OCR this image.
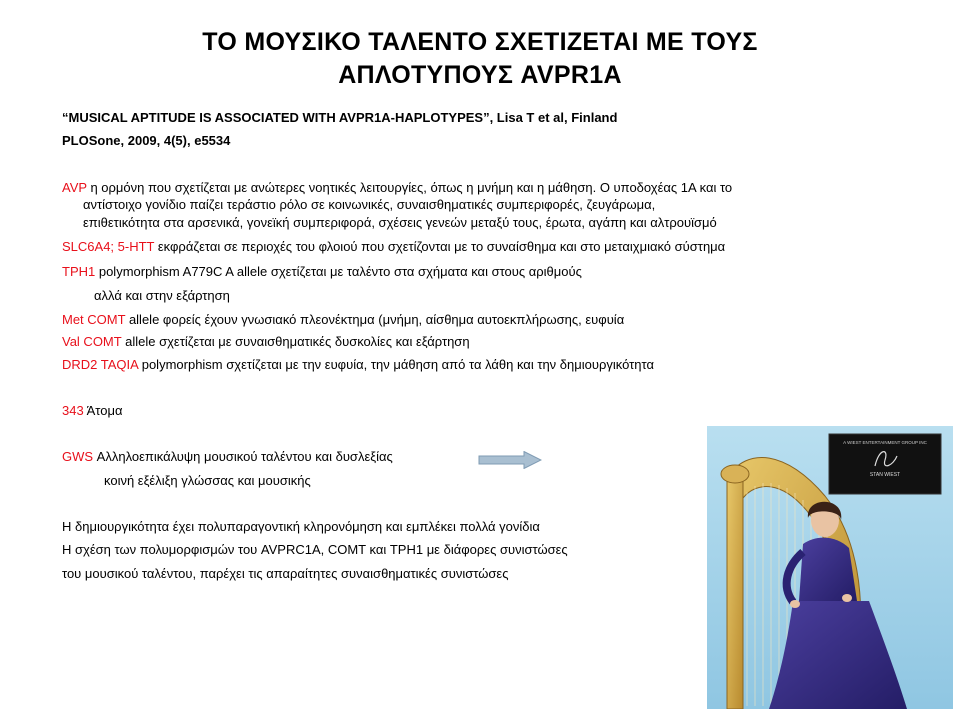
ΤΟ ΜΟΥΣΙΚΟ ΤΑΛΕΝΤΟ ΣΧΕΤΙΖΕΤΑΙ ΜΕ ΤΟΥΣ
ΑΠΛΟΤΥΠΟΥΣ AVPR1A
“MUSICAL APTITUDE IS ASSOCIATED WITH AVPR1A-HAPLOTYPES”, Lisa T et al, Finland
PLOSone, 2009, 4(5), e5534
AVP η ορμόνη που σχετίζεται με ανώτερες νοητικές λειτουργίες, όπως η μνήμη και η μάθηση. Ο υποδοχέας 1Α και το
αντίστοιχο γονίδιο παίζει τεράστιο ρόλο σε κοινωνικές, συναισθηματικές συμπεριφορές, ζευγάρωμα,
επιθετικότητα στα αρσενικά, γονεϊκή συμπεριφορά, σχέσεις γενεών μεταξύ τους, έρωτα, αγάπη και αλτρουϊσμό
SLC6A4; 5-HTT εκφράζεται σε περιοχές του φλοιού που σχετίζονται με το συναίσθημα και στο μεταιχμιακό σύστημα
TPH1 polymorphism A779C A allele σχετίζεται με ταλέντο στα σχήματα και στους αριθμούς
αλλά και στην εξάρτηση
Met COMT allele φορείς έχουν γνωσιακό πλεονέκτημα (μνήμη, αίσθημα αυτοεκπλήρωσης, ευφυία
Val COMT allele σχετίζεται με συναισθηματικές δυσκολίες και εξάρτηση
DRD2 TAQIA polymorphism σχετίζεται με την ευφυία, την μάθηση από τα λάθη και την δημιουργικότητα
343 Άτομα
GWS Αλληλοεπικάλυψη μουσικού ταλέντου και δυσλεξίας
κοινή εξέλιξη γλώσσας και μουσικής
Η δημιουργικότητα έχει πολυπαραγοντική κληρονόμηση και εμπλέκει πολλά γονίδια
Η σχέση των πολυμορφισμών του AVPRC1A, COMT και TPH1 με διάφορες συνιστώσες
του μουσικού ταλέντου, παρέχει τις απαραίτητες συναισθηματικές συνιστώσες
A WIEST ENTERTAINMENT GROUP INC
STAN WIEST
